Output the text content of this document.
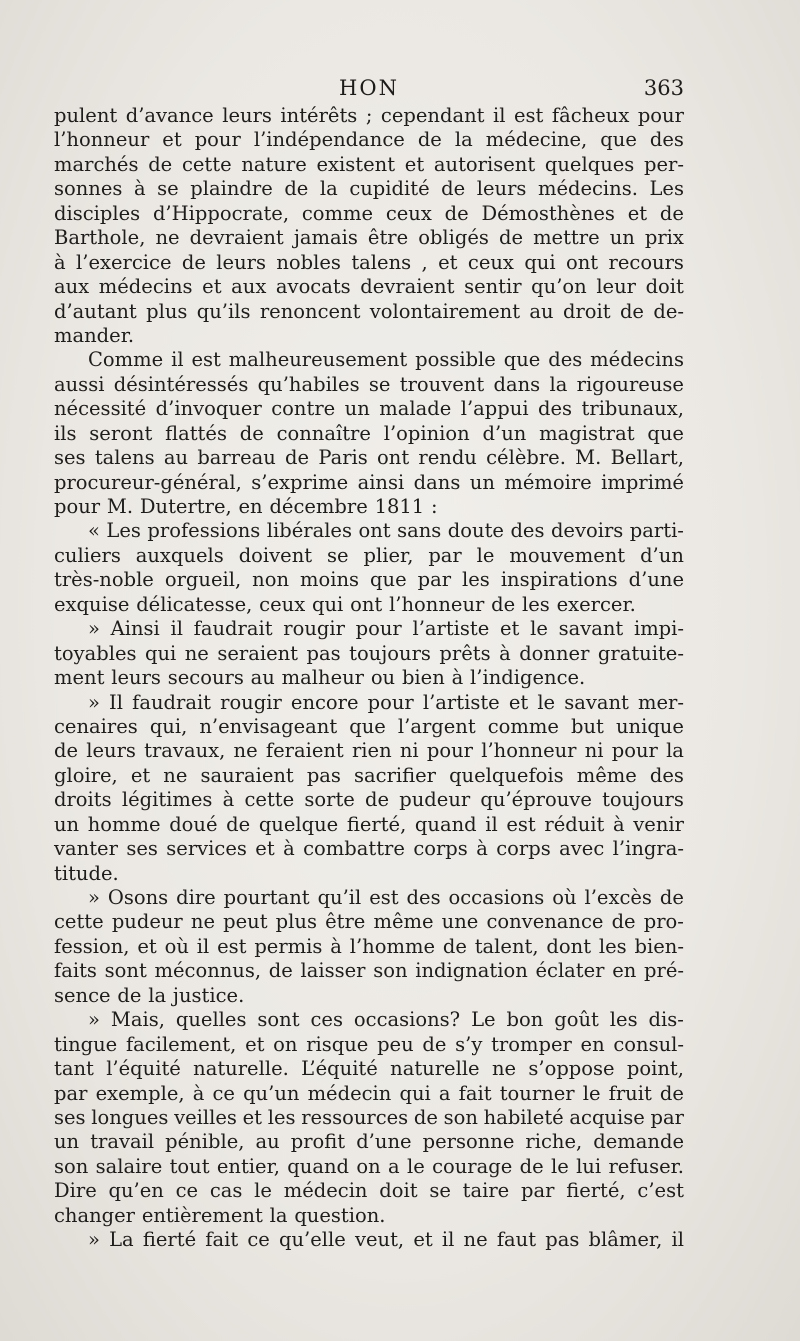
HON	363
pulent d’avance leurs intérêts ; cependant il est fâcheux pour
l’honneur et pour l’indépendance de la médecine, que des
marchés de cette nature existent et autorisent quelques per-
sonnes à se plaindre de la cupidité de leurs médecins. Les
disciples d’Hippocrate, comme ceux de Démosthènes et de
Barthole, ne devraient jamais être obligés de mettre un prix
à l’exercice de leurs nobles talens , et ceux qui ont recours
aux médecins et aux avocats devraient sentir qu’on leur doit
d’autant plus qu’ils renoncent volontairement au droit de de-
mander.
Comme il est malheureusement possible que des médecins
aussi désintéressés qu’habiles se trouvent dans la rigoureuse
nécessité d’invoquer contre un malade l’appui des tribunaux,
ils seront flattés de connaître l’opinion d’un magistrat que
ses talens au barreau de Paris ont rendu célèbre. M. Bellart,
procureur-général, s’exprime ainsi dans un mémoire imprimé
pour M. Dutertre, en décembre 1811 :
« Les professions libérales ont sans doute des devoirs parti-
culiers auxquels doivent se plier, par le mouvement d’un
très-noble orgueil, non moins que par les inspirations d’une
exquise délicatesse, ceux qui ont l’honneur de les exercer.
» Ainsi il faudrait rougir pour l’artiste et le savant impi-
toyables qui ne seraient pas toujours prêts à donner gratuite-
ment leurs secours au malheur ou bien à l’indigence.
» Il faudrait rougir encore pour l’artiste et le savant mer-
cenaires qui, n’envisageant que l’argent comme but unique
de leurs travaux, ne feraient rien ni pour l’honneur ni pour la
gloire, et ne sauraient pas sacrifier quelquefois même des
droits légitimes à cette sorte de pudeur qu’éprouve toujours
un homme doué de quelque fierté, quand il est réduit à venir
vanter ses services et à combattre corps à corps avec l’ingra-
titude.
» Osons dire pourtant qu’il est des occasions où l’excès de
cette pudeur ne peut plus être même une convenance de pro-
fession, et où il est permis à l’homme de talent, dont les bien-
faits sont méconnus, de laisser son indignation éclater en pré-
sence de la justice.
» Mais, quelles sont ces occasions? Le bon goût les dis-
tingue facilement, et on risque peu de s’y tromper en consul-
tant l’équité naturelle. L’équité naturelle ne s’oppose point,
par exemple, à ce qu’un médecin qui a fait tourner le fruit de
ses longues veilles et les ressources de son habileté acquise par
un travail pénible, au profit d’une personne riche, demande
son salaire tout entier, quand on a le courage de le lui refuser.
Dire qu’en ce cas le médecin doit se taire par fierté, c’est
changer entièrement la question.
» La fierté fait ce qu’elle veut, et il ne faut pas blâmer, il
